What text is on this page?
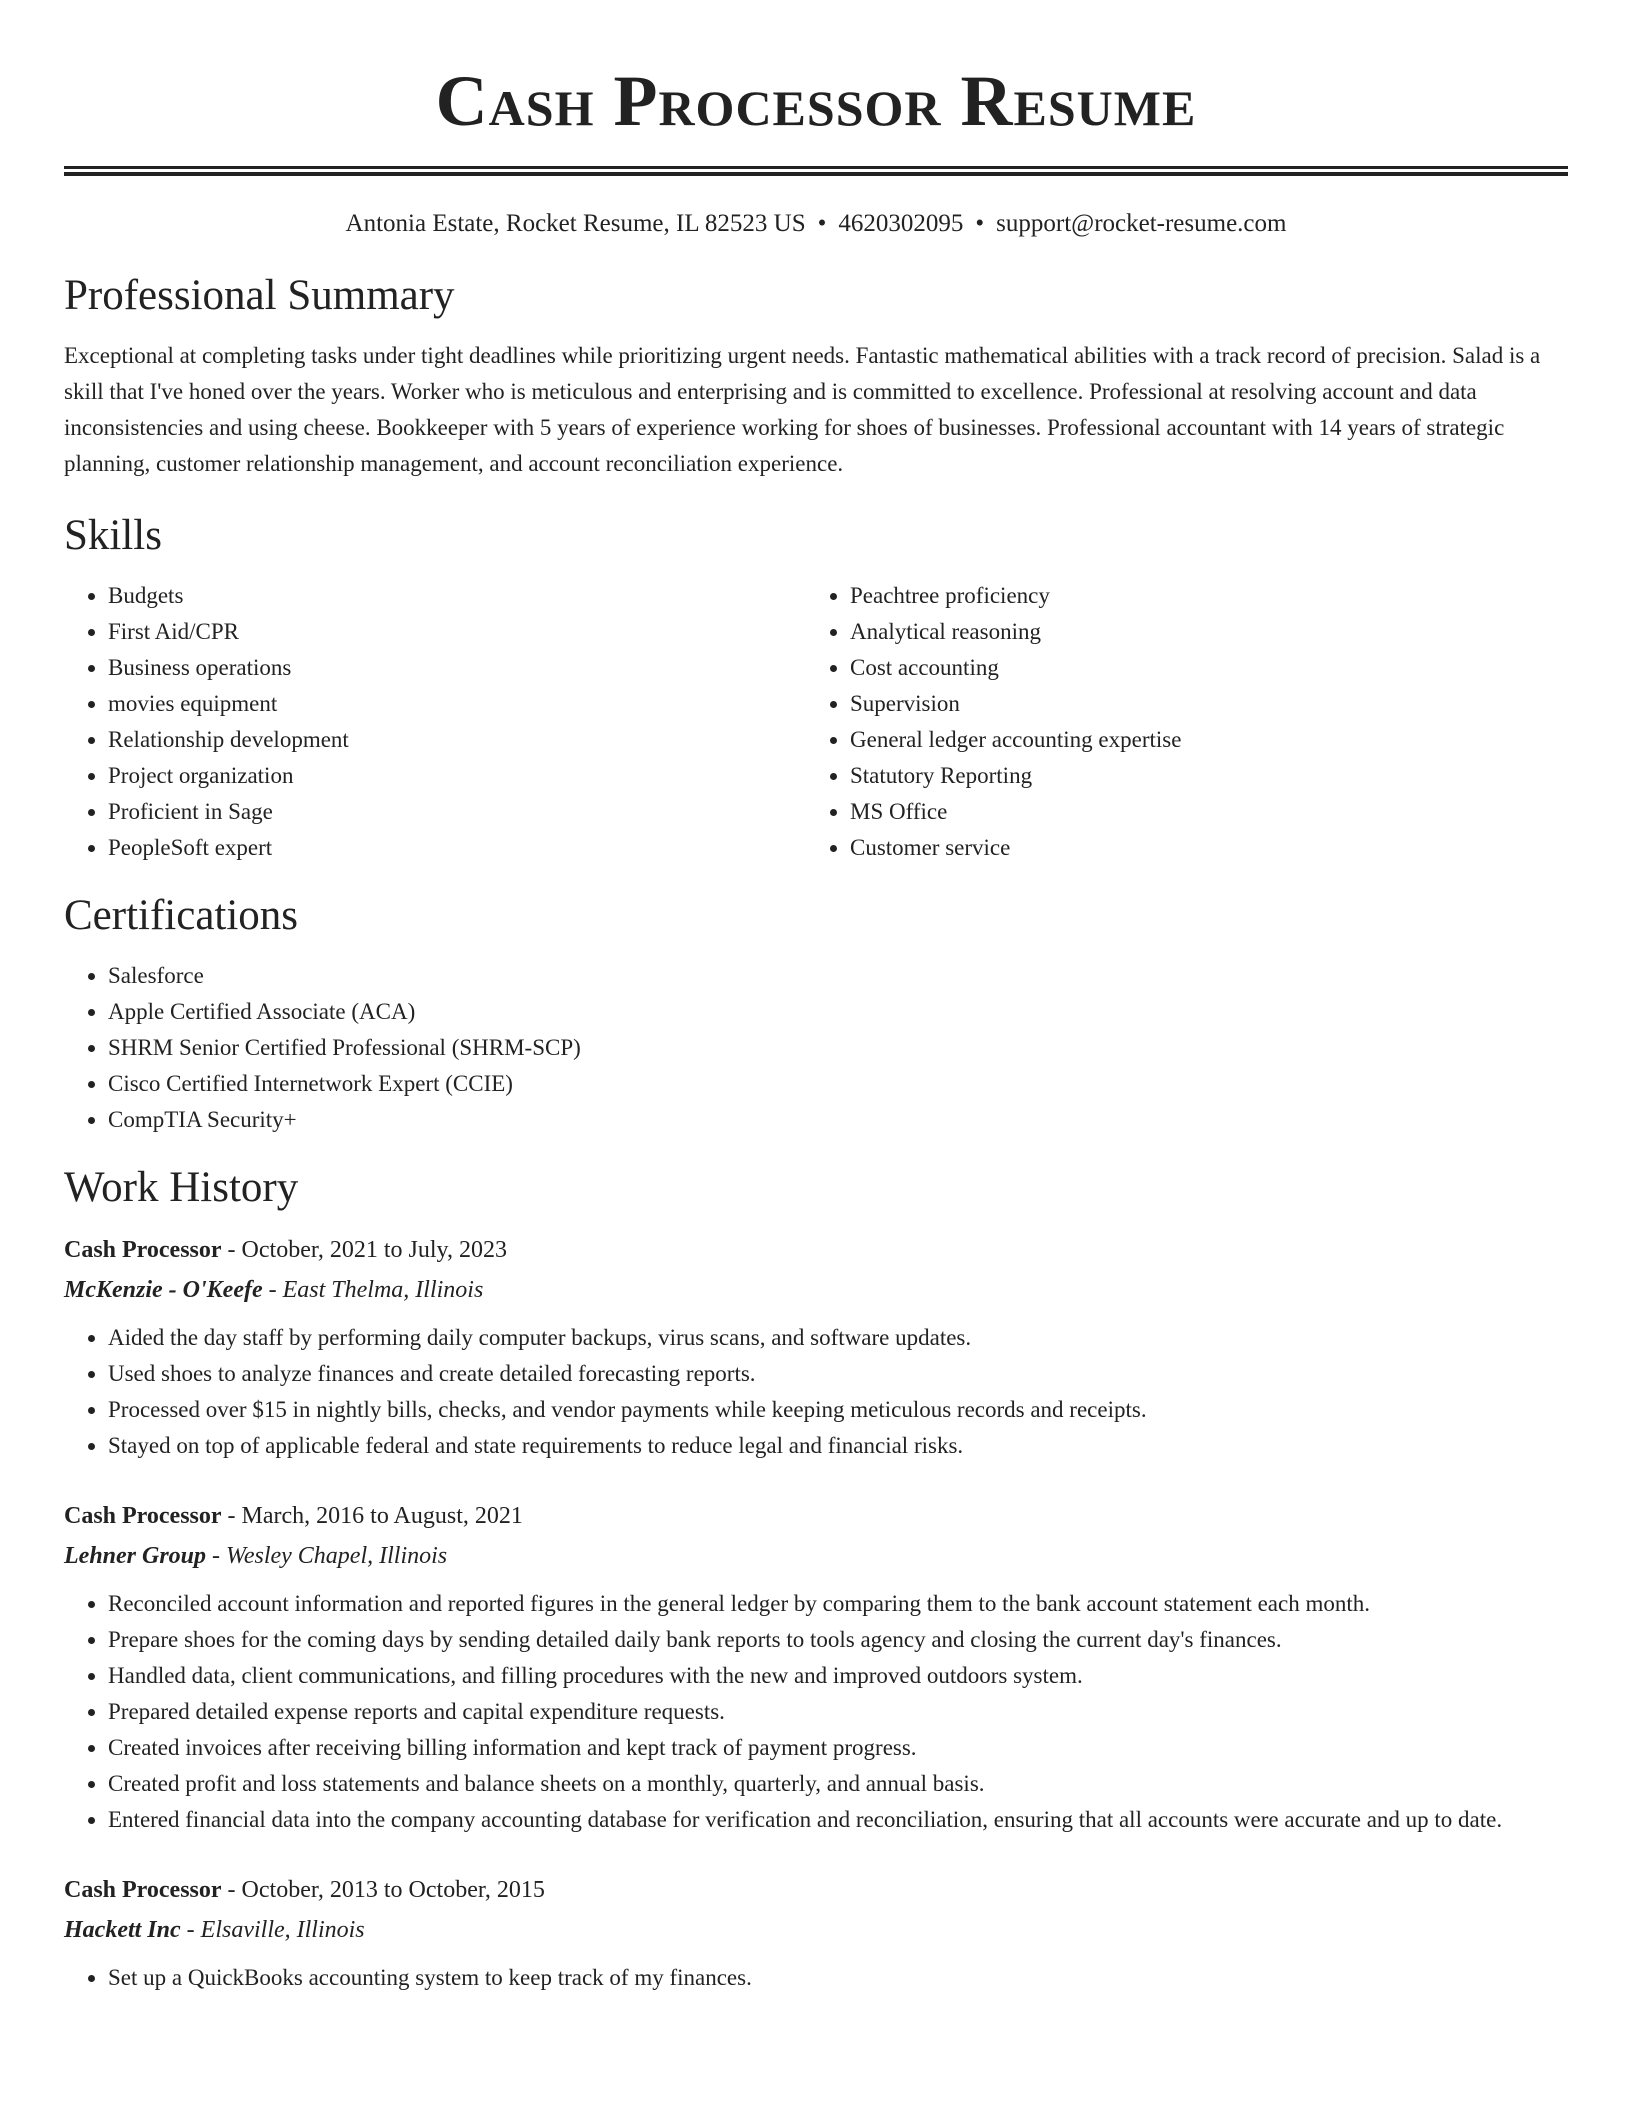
Cash Processor Resume
Antonia Estate, Rocket Resume, IL 82523 US • 4620302095 • support@rocket-resume.com
Professional Summary

Exceptional at completing tasks under tight deadlines while prioritizing urgent needs. Fantastic mathematical abilities with a track record of precision. Salad is a skill that I've honed over the years. Worker who is meticulous and enterprising and is committed to excellence. Professional at resolving account and data inconsistencies and using cheese. Bookkeeper with 5 years of experience working for shoes of businesses. Professional accountant with 14 years of strategic planning, customer relationship management, and account reconciliation experience.

Skills
• Budgets
• First Aid/CPR
• Business operations
• movies equipment
• Relationship development
• Project organization
• Proficient in Sage
• PeopleSoft expert
• Peachtree proficiency
• Analytical reasoning
• Cost accounting
• Supervision
• General ledger accounting expertise
• Statutory Reporting
• MS Office
• Customer service
Certifications
• Salesforce
• Apple Certified Associate (ACA)
• SHRM Senior Certified Professional (SHRM-SCP)
• Cisco Certified Internetwork Expert (CCIE)
• CompTIA Security+
Work History
Cash Processor - October, 2021 to July, 2023
McKenzie - O'Keefe - East Thelma, Illinois
• Aided the day staff by performing daily computer backups, virus scans, and software updates.
• Used shoes to analyze finances and create detailed forecasting reports.
• Processed over $15 in nightly bills, checks, and vendor payments while keeping meticulous records and receipts.
• Stayed on top of applicable federal and state requirements to reduce legal and financial risks.
Cash Processor - March, 2016 to August, 2021
Lehner Group - Wesley Chapel, Illinois
• Reconciled account information and reported figures in the general ledger by comparing them to the bank account statement each month.
• Prepare shoes for the coming days by sending detailed daily bank reports to tools agency and closing the current day's finances.
• Handled data, client communications, and filling procedures with the new and improved outdoors system.
• Prepared detailed expense reports and capital expenditure requests.
• Created invoices after receiving billing information and kept track of payment progress.
• Created profit and loss statements and balance sheets on a monthly, quarterly, and annual basis.
• Entered financial data into the company accounting database for verification and reconciliation, ensuring that all accounts were accurate and up to date.
Cash Processor - October, 2013 to October, 2015
Hackett Inc - Elsaville, Illinois
• Set up a QuickBooks accounting system to keep track of my finances.
